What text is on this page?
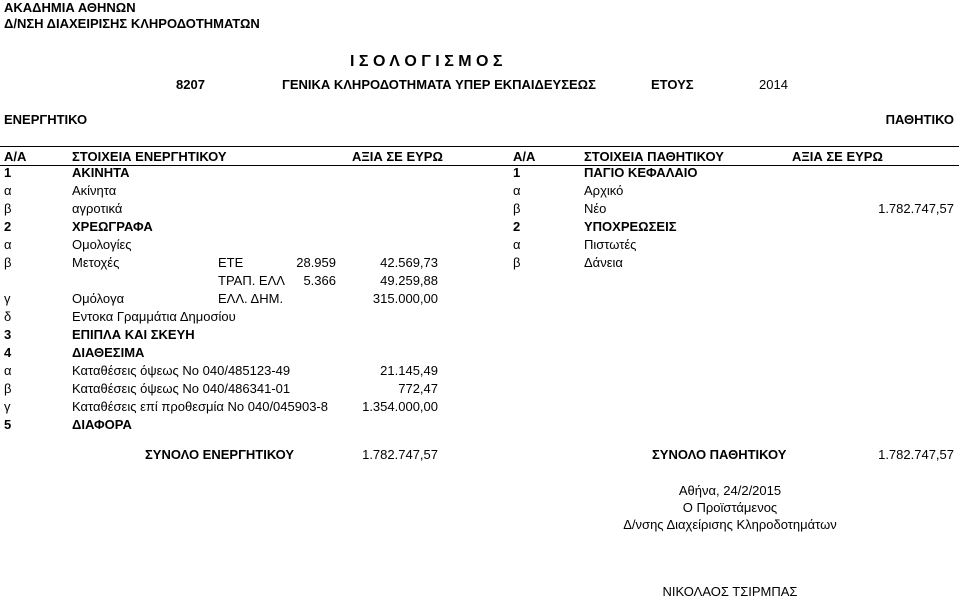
ΑΚΑΔΗΜΙΑ ΑΘΗΝΩΝ
Δ/ΝΣΗ ΔΙΑΧΕΙΡΙΣΗΣ ΚΛΗΡΟΔΟΤΗΜΑΤΩΝ
Ι Σ Ο Λ Ο Γ Ι Σ Μ Ο Σ
8207	ΓΕΝΙΚΑ ΚΛΗΡΟΔΟΤΗΜΑΤΑ ΥΠΕΡ ΕΚΠΑΙΔΕΥΣΕΩΣ	ΕΤΟΥΣ	2014
ΕΝΕΡΓΗΤΙΚΟ	ΠΑΘΗΤΙΚΟ
Α/Α	ΣΤΟΙΧΕΙΑ ΕΝΕΡΓΗΤΙΚΟΥ	ΑΞΙΑ ΣΕ ΕΥΡΩ	Α/Α	ΣΤΟΙΧΕΙΑ ΠΑΘΗΤΙΚΟΥ	ΑΞΙΑ ΣΕ ΕΥΡΩ
1	ΑΚΙΝΗΤΑ	1	ΠΑΓΙΟ ΚΕΦΑΛΑΙΟ
α	Ακίνητα	α	Αρχικό
β	αγροτικά	β	Νέο	1.782.747,57
2	ΧΡΕΩΓΡΑΦΑ	2	ΥΠΟΧΡΕΩΣΕΙΣ
α	Ομολογίες	α	Πιστωτές
β	Μετοχές	ΕΤΕ	28.959	42.569,73	β	Δάνεια
ΤΡΑΠ. ΕΛΛ	5.366	49.259,88
γ	Ομόλογα	ΕΛΛ. ΔΗΜ.	315.000,00
δ	Εντοκα Γραμμάτια Δημοσίου
3	ΕΠΙΠΛΑ ΚΑΙ ΣΚΕΥΗ
4	ΔΙΑΘΕΣΙΜΑ
α	Καταθέσεις όψεως Νο 040/485123-49	21.145,49
β	Καταθέσεις όψεως Νο 040/486341-01	772,47
γ	Καταθέσεις επί προθεσμία Νο 040/045903-8	1.354.000,00
5	ΔΙΑΦΟΡΑ
ΣΥΝΟΛΟ ΕΝΕΡΓΗΤΙΚΟΥ	1.782.747,57	ΣΥΝΟΛΟ ΠΑΘΗΤΙΚΟΥ	1.782.747,57
Αθήνα, 24/2/2015
Ο Προϊστάμενος
Δ/νσης Διαχείρισης Κληροδοτημάτων
ΝΙΚΟΛΑΟΣ ΤΣΙΡΜΠΑΣ
